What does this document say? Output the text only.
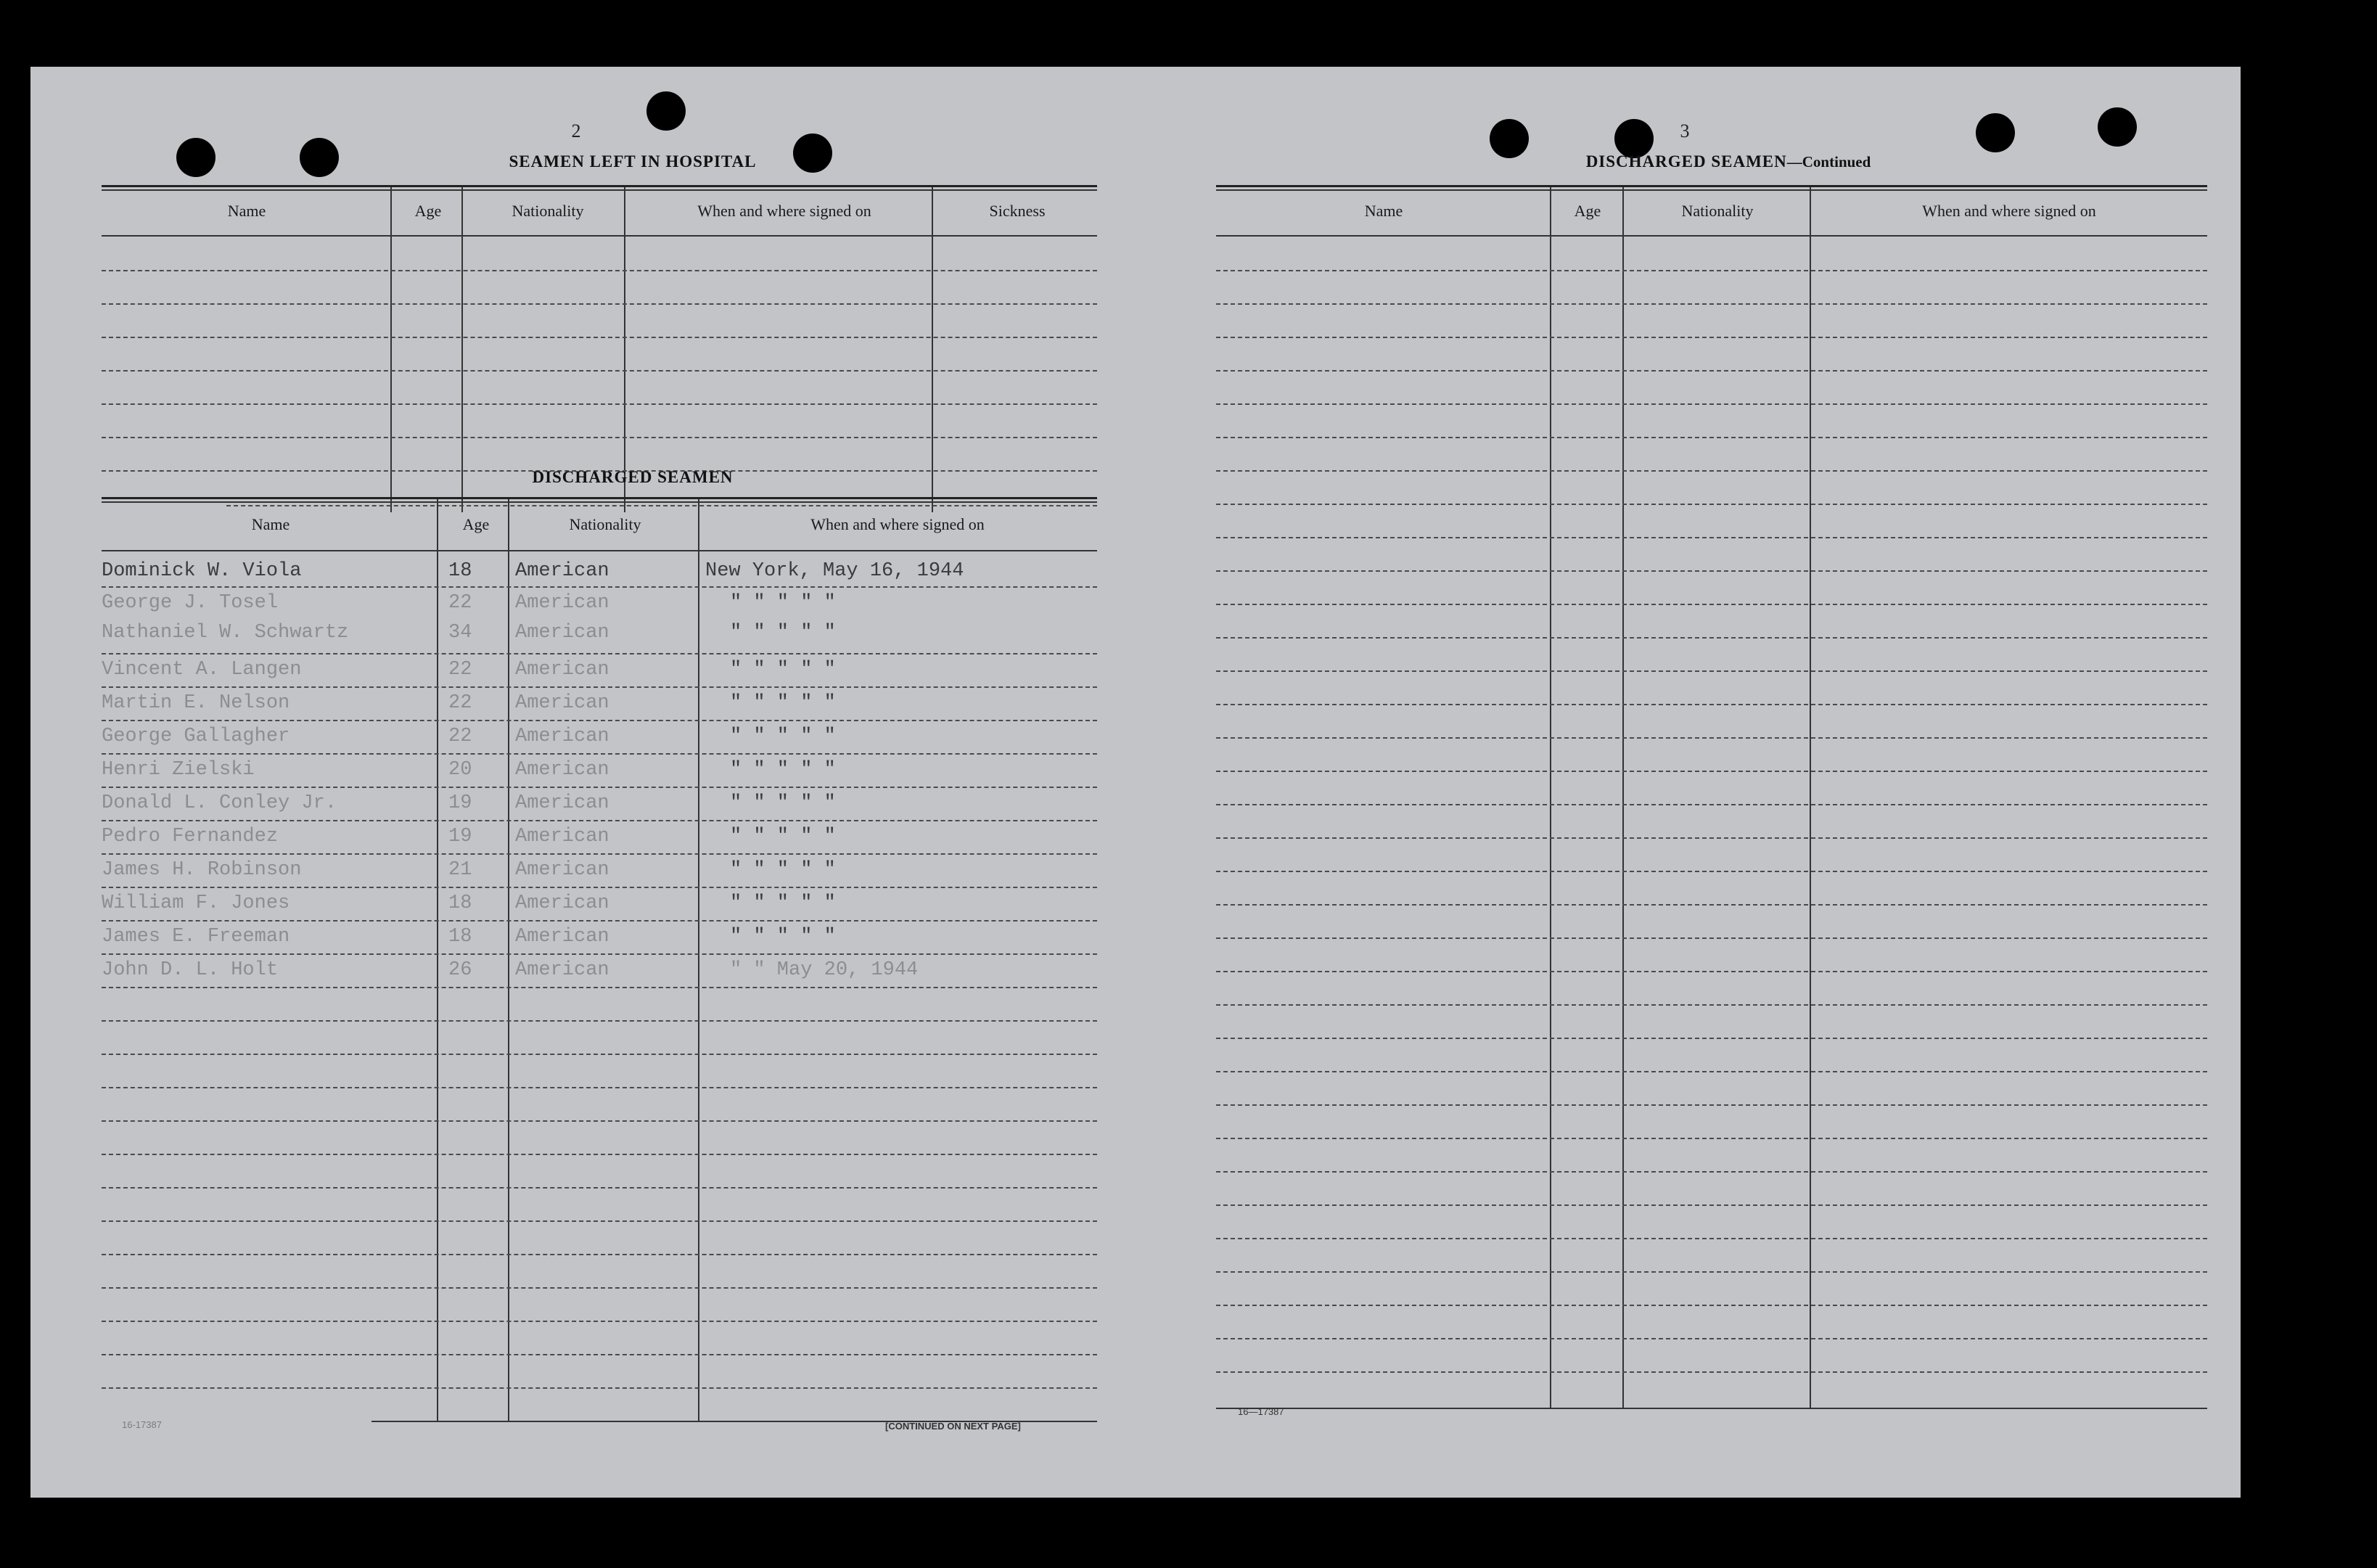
2
SEAMEN LEFT IN HOSPITAL
Name	Age	Nationality	When and where signed on	Sickness
DISCHARGED SEAMEN
Name	Age	Nationality	When and where signed on
Dominick W. Viola	18 American	New York, May 16, 1944
George J. Tosel	22 American	" " " " "
Nathaniel W. Schwartz	34 American	" " " " "
Vincent A. Langen	22 American	" " " " "
Martin E. Nelson	22 American	" " " " "
George Gallagher	22 American	" " " " "
Henri Zielski	20 American	" " " " "
Donald L. Conley Jr.	19 American	" " " " "
Pedro Fernandez	19 American	" " " " "
James H. Robinson	21 American	" " " " "
William F. Jones	18 American	" " " " "
James E. Freeman	18 American	" " " " "
John D. L. Holt	26 American	" " May 20, 1944
16-17387	[CONTINUED ON NEXT PAGE]
3
DISCHARGED SEAMEN—Continued
Name	Age	Nationality	When and where signed on
16—17387
